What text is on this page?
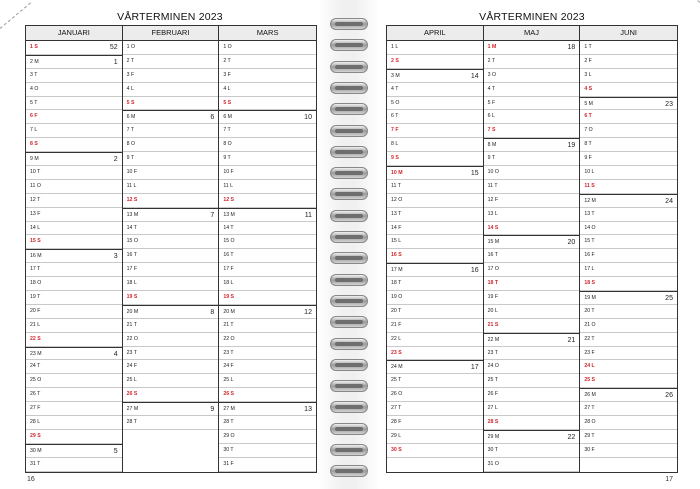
VÅRTERMINEN 2023	VÅRTERMINEN 2023
JANUARI
1 S	52
2 M	1
3 T
4 O
5 T
6 F
7 L
8 S
9 M	2
10 T
11 O
12 T
13 F
14 L
15 S
16 M	3
17 T
18 O
19 T
20 F
21 L
22 S
23 M	4
24 T
25 O
26 T
27 F
28 L
29 S
30 M	5
31 T
FEBRUARI
1 O
2 T
3 F
4 L
5 S
6 M	6
7 T
8 O
9 T
10 F
11 L
12 S
13 M	7
14 T
15 O
16 T
17 F
18 L
19 S
20 M	8
21 T
22 O
23 T
24 F
25 L
26 S
27 M	9
28 T
MARS
1 O
2 T
3 F
4 L
5 S
6 M	10
7 T
8 O
9 T
10 F
11 L
12 S
13 M	11
14 T
15 O
16 T
17 F
18 L
19 S
20 M	12
21 T
22 O
23 T
24 F
25 L
26 S
27 M	13
28 T
29 O
30 T
31 F
APRIL
1 L
2 S
3 M	14
4 T
5 O
6 T
7 F
8 L
9 S
10 M	15
11 T
12 O
13 T
14 F
15 L
16 S
17 M	16
18 T
19 O
20 T
21 F
22 L
23 S
24 M	17
25 T
26 O
27 T
28 F
29 L
30 S
MAJ
1 M	18
2 T
3 O
4 T
5 F
6 L
7 S
8 M	19
9 T
10 O
11 T
12 F
13 L
14 S
15 M	20
16 T
17 O
18 T
19 F
20 L
21 S
22 M	21
23 T
24 O
25 T
26 F
27 L
28 S
29 M	22
30 T
31 O
JUNI
1 T
2 F
3 L
4 S
5 M	23
6 T
7 O
8 T
9 F
10 L
11 S
12 M	24
13 T
14 O
15 T
16 F
17 L
18 S
19 M	25
20 T
21 O
22 T
23 F
24 L
25 S
26 M	26
27 T
28 O
29 T
30 F
16	17
